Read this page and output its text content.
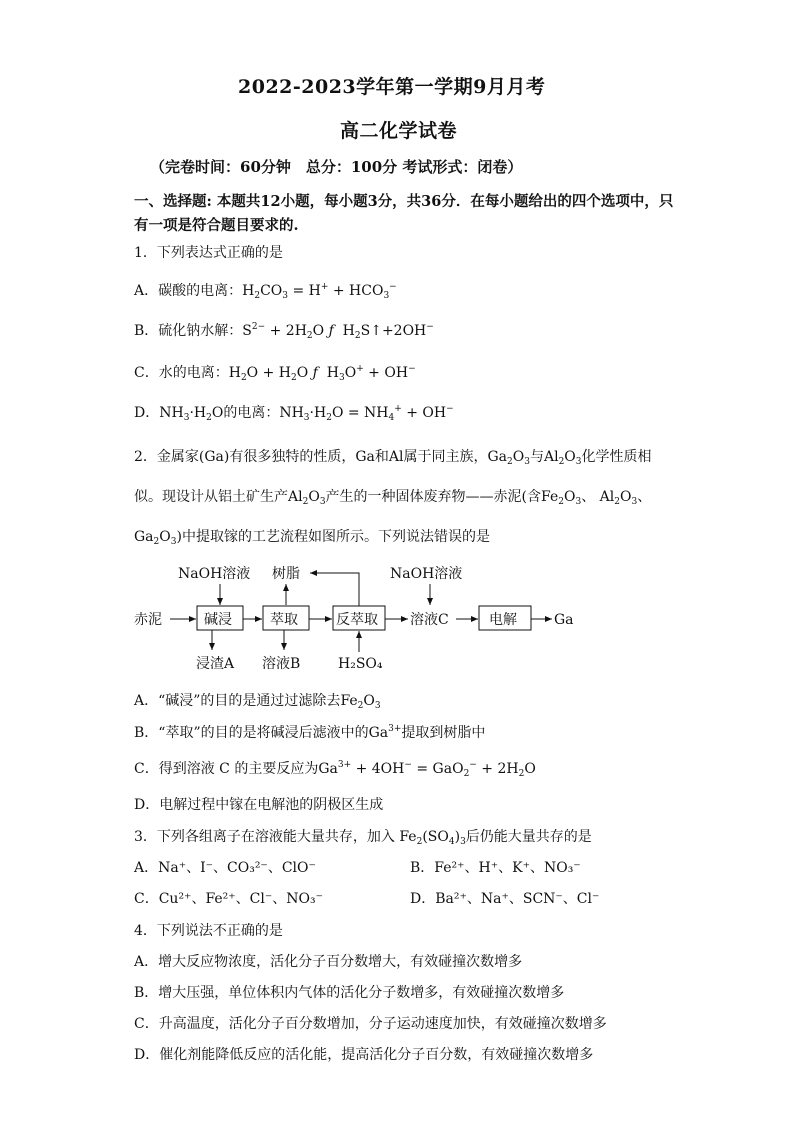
2022-2023学年第一学期9月月考
高二化学试卷
（完卷时间：60分钟　总分：100分 考试形式：闭卷）
一、选择题: 本题共12小题，每小题3分，共36分．在每小题给出的四个选项中，只
有一项是符合题目要求的.
1．下列表达式正确的是
A．碳酸的电离：$H_2CO_3 = H^+ + HCO_3^-$
B．硫化钠水解：$S^{2-} + 2H_2O$ ƒ  $H_2S↑+2OH^-$
C．水的电离：$H_2O + H_2O$ ƒ  $H_3O^+ + OH^-$
D．$NH_3\cdot H_2O$的电离：$NH_3\cdot H_2O = NH_4^+ + OH^-$
2．金属家(Ga)有很多独特的性质，Ga和Al属于同主族，$Ga_2O_3$与$Al_2O_3$化学性质相
似。现设计从铝土矿生产$Al_2O_3$产生的一种固体废弃物——赤泥(含$Fe_2O_3$、 $Al_2O_3$、
$Ga_2O_3$)中提取镓的工艺流程如图所示。下列说法错误的是
NaOH溶液 树脂	NaOH溶液
赤泥	碱浸	萃取	反萃取 溶液C	电解	Ga
浸渣A 溶液B	H₂SO₄
A．“碱浸”的目的是通过过滤除去$Fe_2O_3$
B．“萃取”的目的是将碱浸后滤液中的$Ga^{3+}$提取到树脂中
C．得到溶液 C 的主要反应为$Ga^{3+} + 4OH^- = GaO_2^- + 2H_2O$
D．电解过程中镓在电解池的阴极区生成
3．下列各组离子在溶液能大量共存，加入 $Fe_2(SO_4)_3$后仍能大量共存的是
A．Na⁺、I⁻、CO₃²⁻、ClO⁻	B．Fe²⁺、H⁺、K⁺、NO₃⁻
C．Cu²⁺、Fe²⁺、Cl⁻、NO₃⁻	D．Ba²⁺、Na⁺、SCN⁻、Cl⁻
4．下列说法不正确的是
A．增大反应物浓度，活化分子百分数增大，有效碰撞次数增多
B．增大压强，单位体积内气体的活化分子数增多，有效碰撞次数增多
C．升高温度，活化分子百分数增加，分子运动速度加快，有效碰撞次数增多
D．催化剂能降低反应的活化能，提高活化分子百分数，有效碰撞次数增多
